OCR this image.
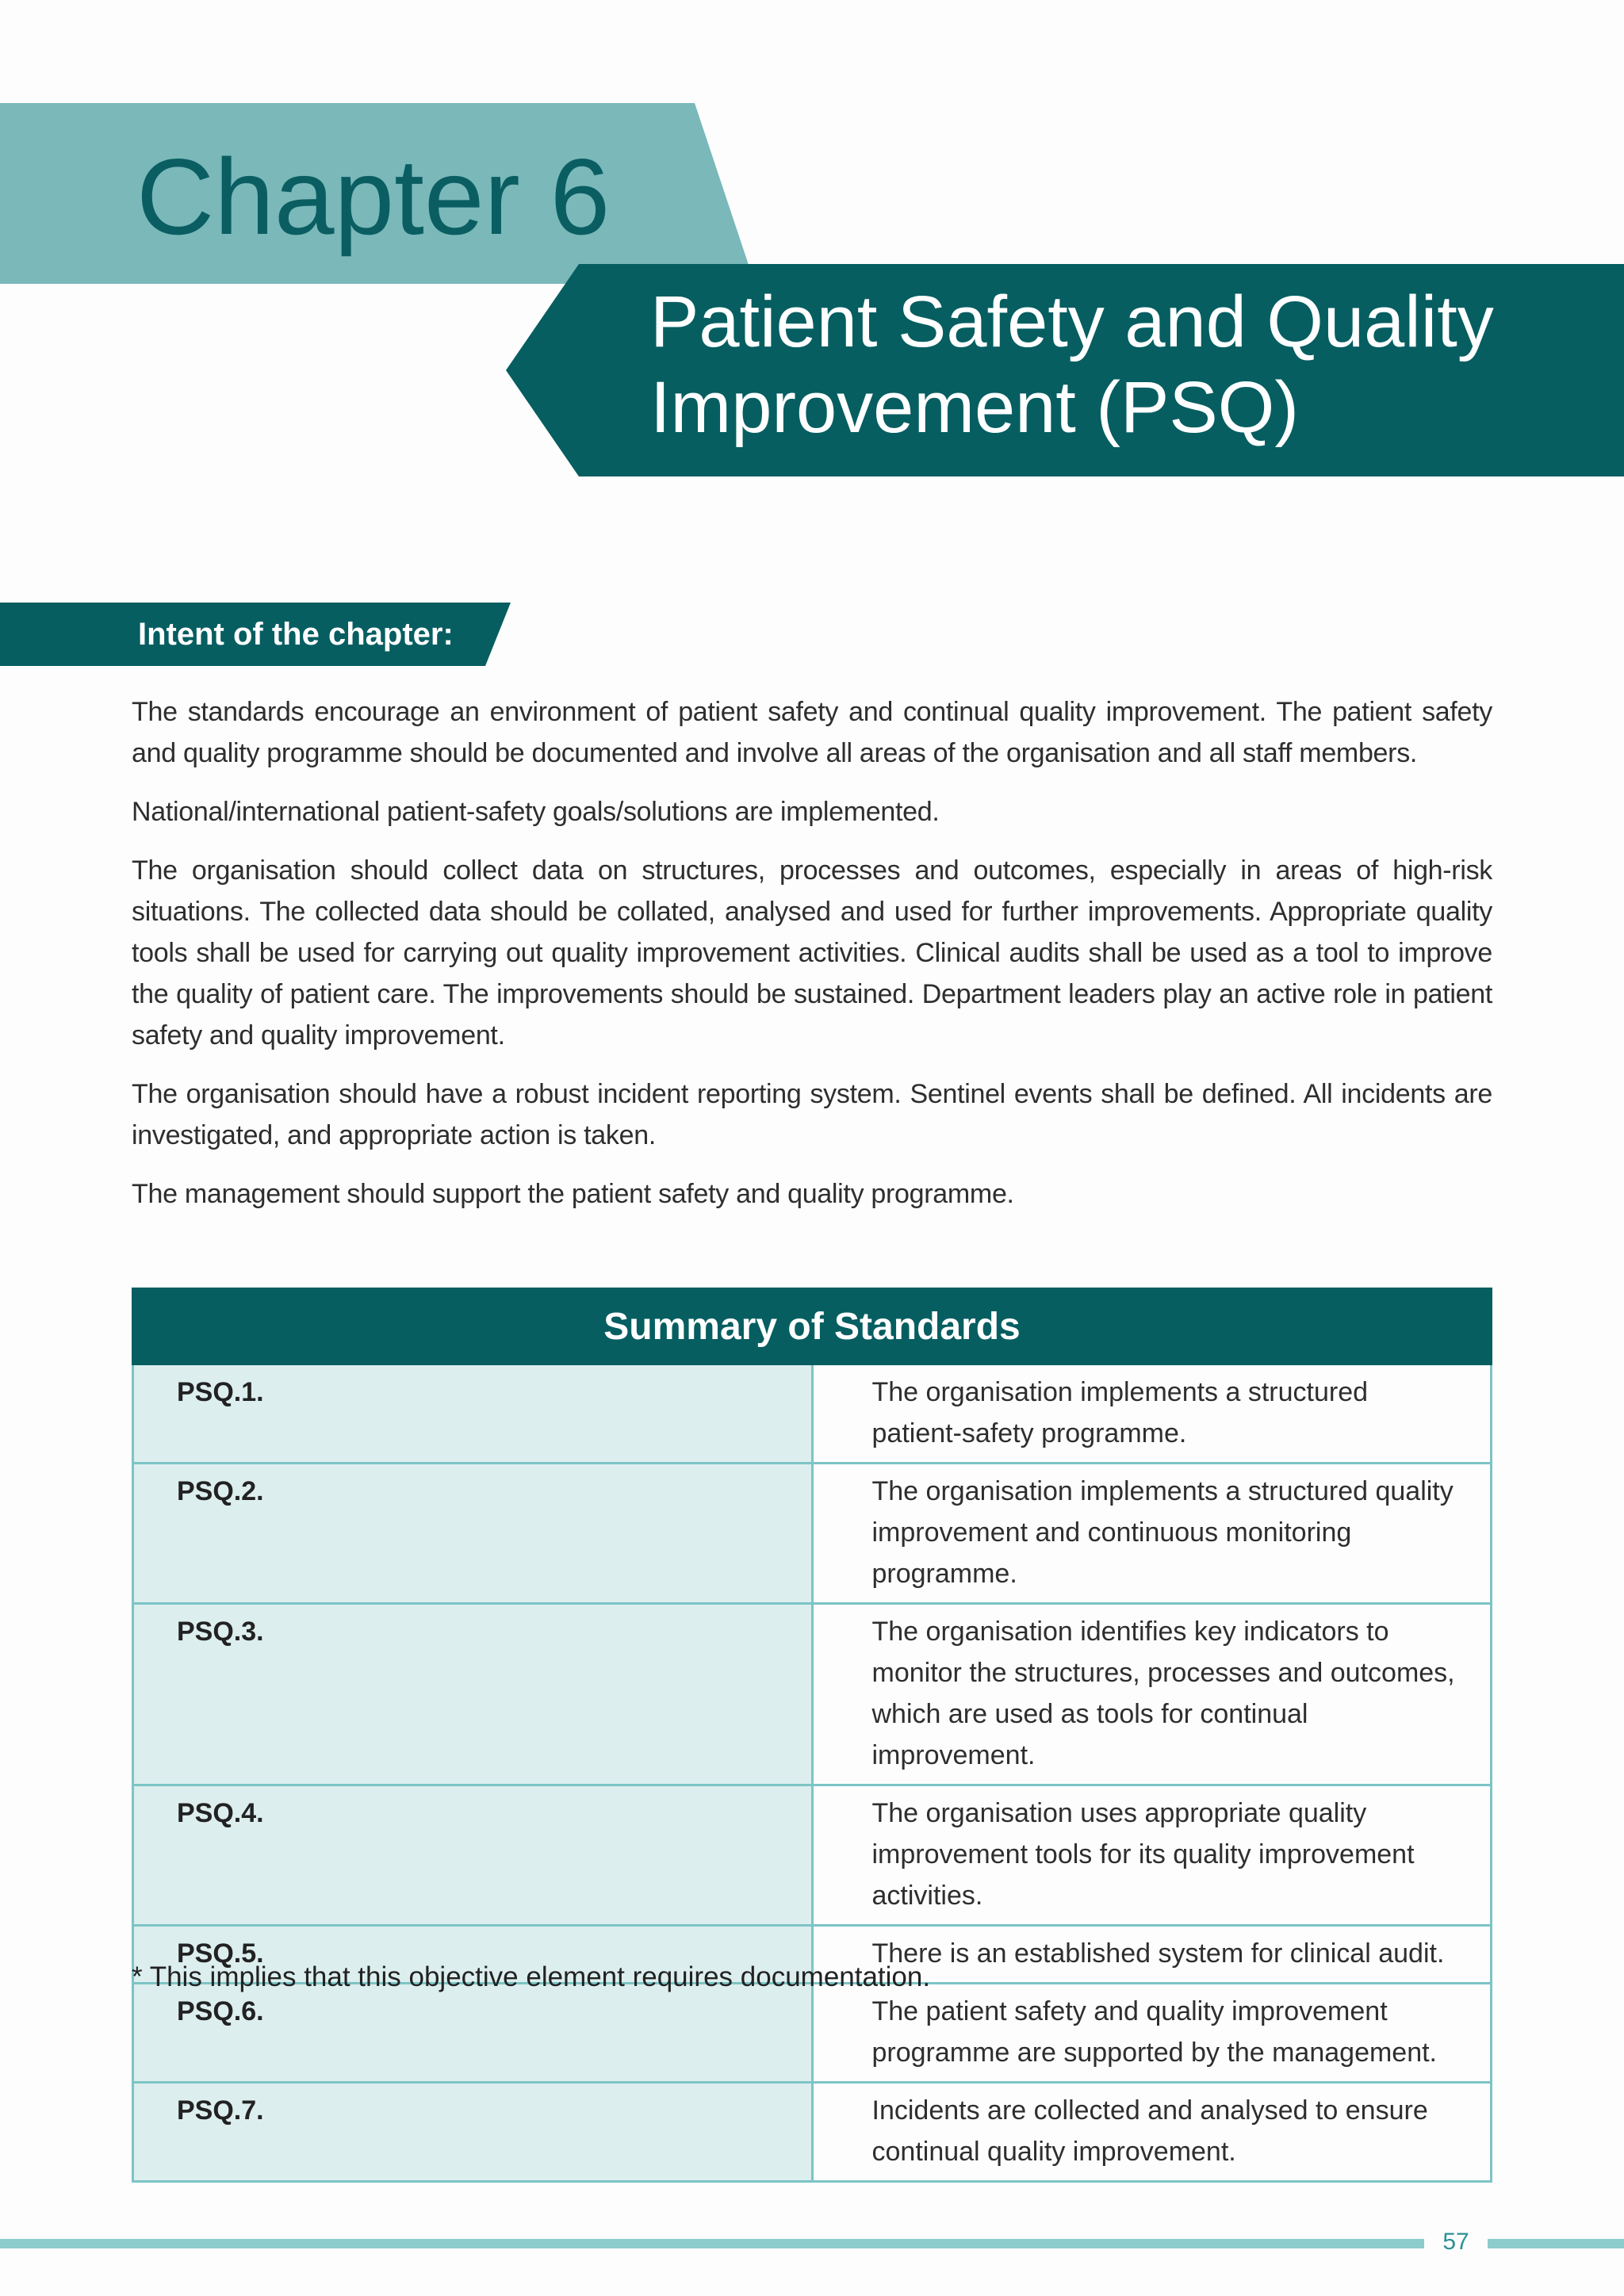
Chapter 6
Patient Safety and Quality Improvement (PSQ)
Intent of the chapter:

The standards encourage an environment of patient safety and continual quality improvement. The patient safety and quality programme should be documented and involve all areas of the organisation and all staff members.

National/international patient-safety goals/solutions are implemented.

The organisation should collect data on structures, processes and outcomes, especially in areas of high-risk situations. The collected data should be collated, analysed and used for further improvements. Appropriate quality tools shall be used for carrying out quality improvement activities. Clinical audits shall be used as a tool to improve the quality of patient care. The improvements should be sustained. Department leaders play an active role in patient safety and quality improvement.

The organisation should have a robust incident reporting system. Sentinel events shall be defined. All incidents are investigated, and appropriate action is taken.

The management should support the patient safety and quality programme.

Summary of Standards	
PSQ.1.	The organisation implements a structured patient-safety programme.
PSQ.2.	The organisation implements a structured quality improvement and continuous monitoring programme.
PSQ.3.	The organisation identifies key indicators to monitor the structures, processes and outcomes, which are used as tools for continual improvement.
PSQ.4.	The organisation uses appropriate quality improvement tools for its quality improvement activities.
PSQ.5.	There is an established system for clinical audit.
PSQ.6.	The patient safety and quality improvement programme are supported by the management.
PSQ.7.	Incidents are collected and analysed to ensure continual quality improvement.

* This implies that this objective element requires documentation.

57
